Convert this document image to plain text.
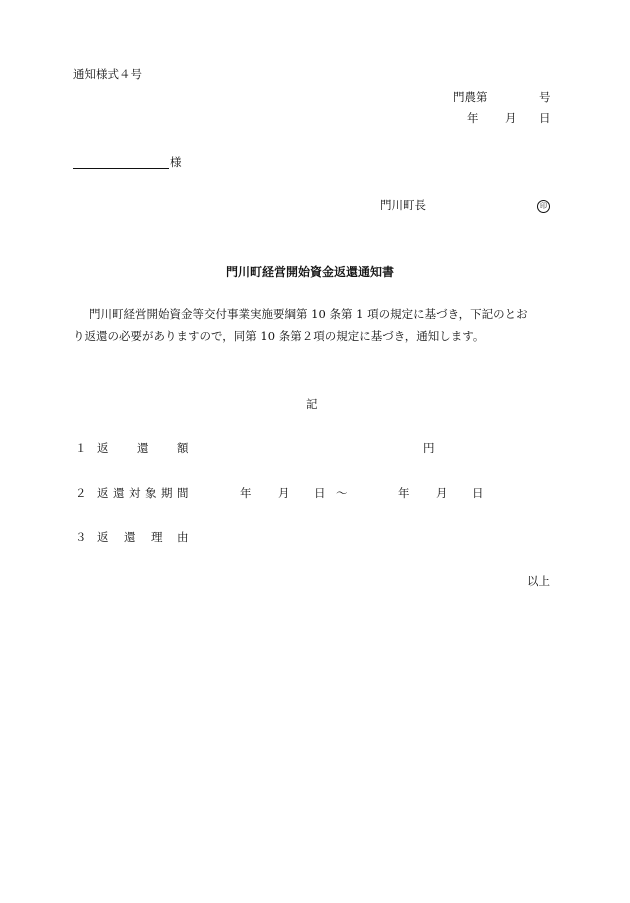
通知様式４号
門農第	号
年 月 日
様
門川町長	印
門川町経営開始資金返還通知書
門川町経営開始資金等交付事業実施要綱第 10 条第 1 項の規定に基づき，下記のとお
り返還の必要がありますので，同第 10 条第２項の規定に基づき，通知します。
記
１ 返 還 額	円
２ 返 還 対 象 期 間	年 月 日 ～	年 月 日
３ 返 還 理 由
以上
